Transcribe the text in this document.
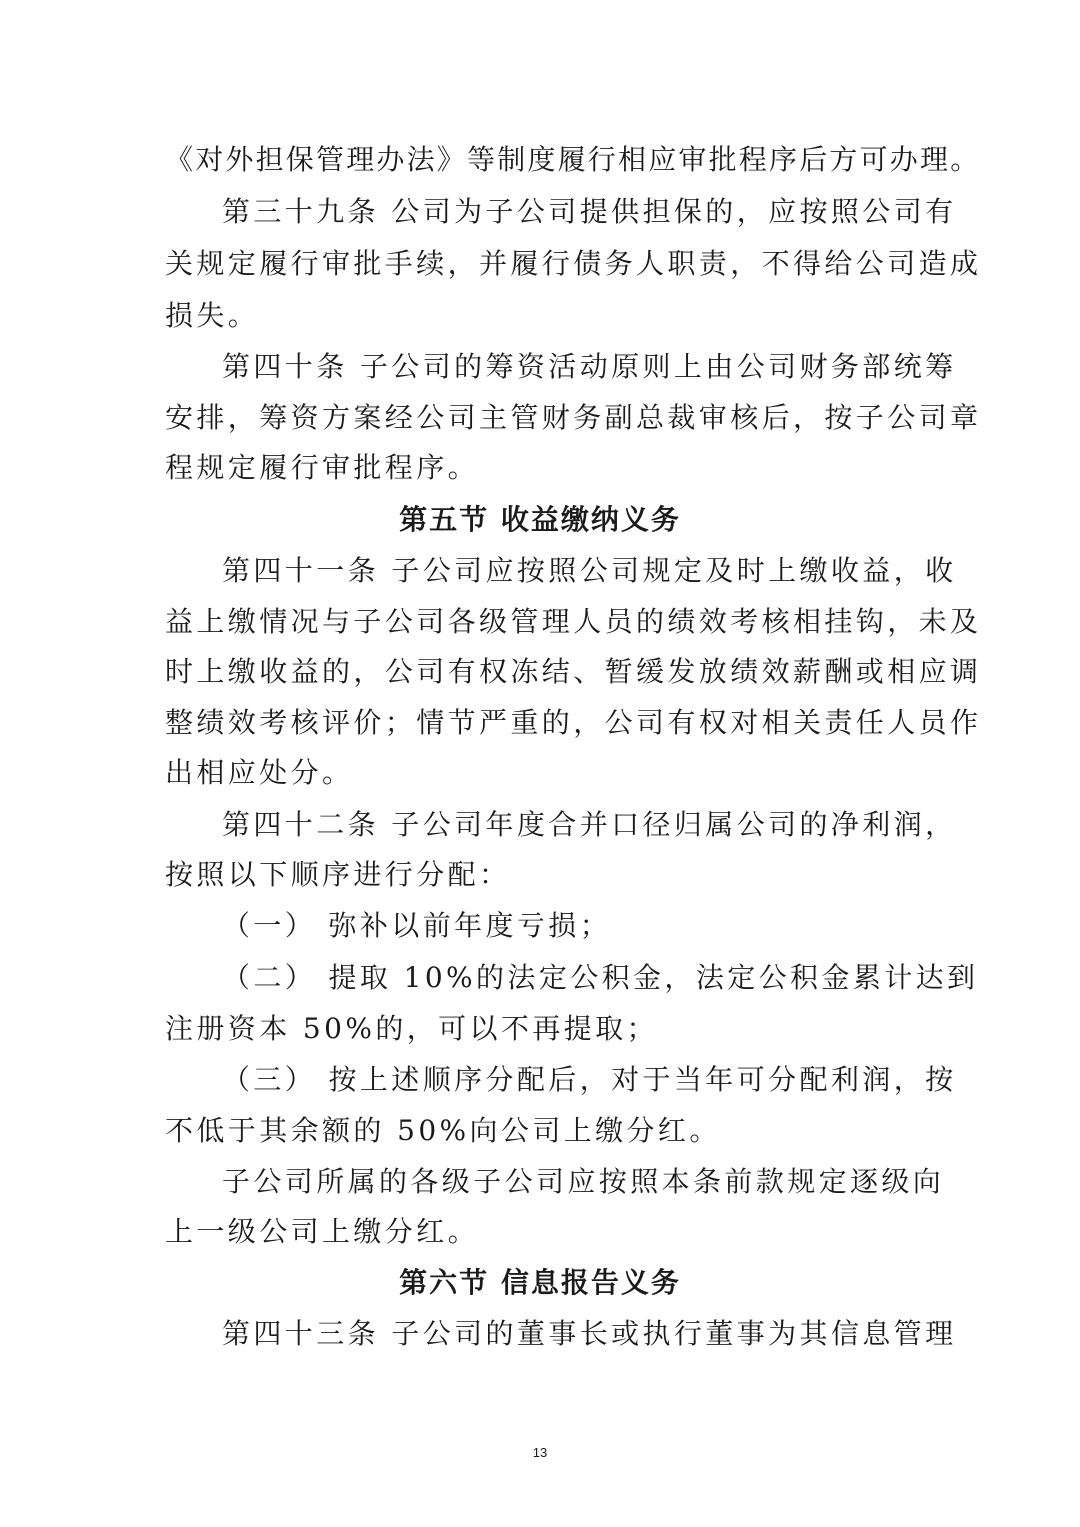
《对外担保管理办法》等制度履行相应审批程序后方可办理。
第三十九条 公司为子公司提供担保的，应按照公司有
关规定履行审批手续，并履行债务人职责，不得给公司造成
损失。
第四十条 子公司的筹资活动原则上由公司财务部统筹
安排，筹资方案经公司主管财务副总裁审核后，按子公司章
程规定履行审批程序。
第五节 收益缴纳义务
第四十一条 子公司应按照公司规定及时上缴收益，收
益上缴情况与子公司各级管理人员的绩效考核相挂钩，未及
时上缴收益的，公司有权冻结、暂缓发放绩效薪酬或相应调
整绩效考核评价；情节严重的，公司有权对相关责任人员作
出相应处分。
第四十二条 子公司年度合并口径归属公司的净利润，
按照以下顺序进行分配：
（一） 弥补以前年度亏损；
（二） 提取 10%的法定公积金，法定公积金累计达到
注册资本 50%的，可以不再提取；
（三） 按上述顺序分配后，对于当年可分配利润，按
不低于其余额的 50%向公司上缴分红。
子公司所属的各级子公司应按照本条前款规定逐级向
上一级公司上缴分红。
第六节 信息报告义务
第四十三条 子公司的董事长或执行董事为其信息管理
13
